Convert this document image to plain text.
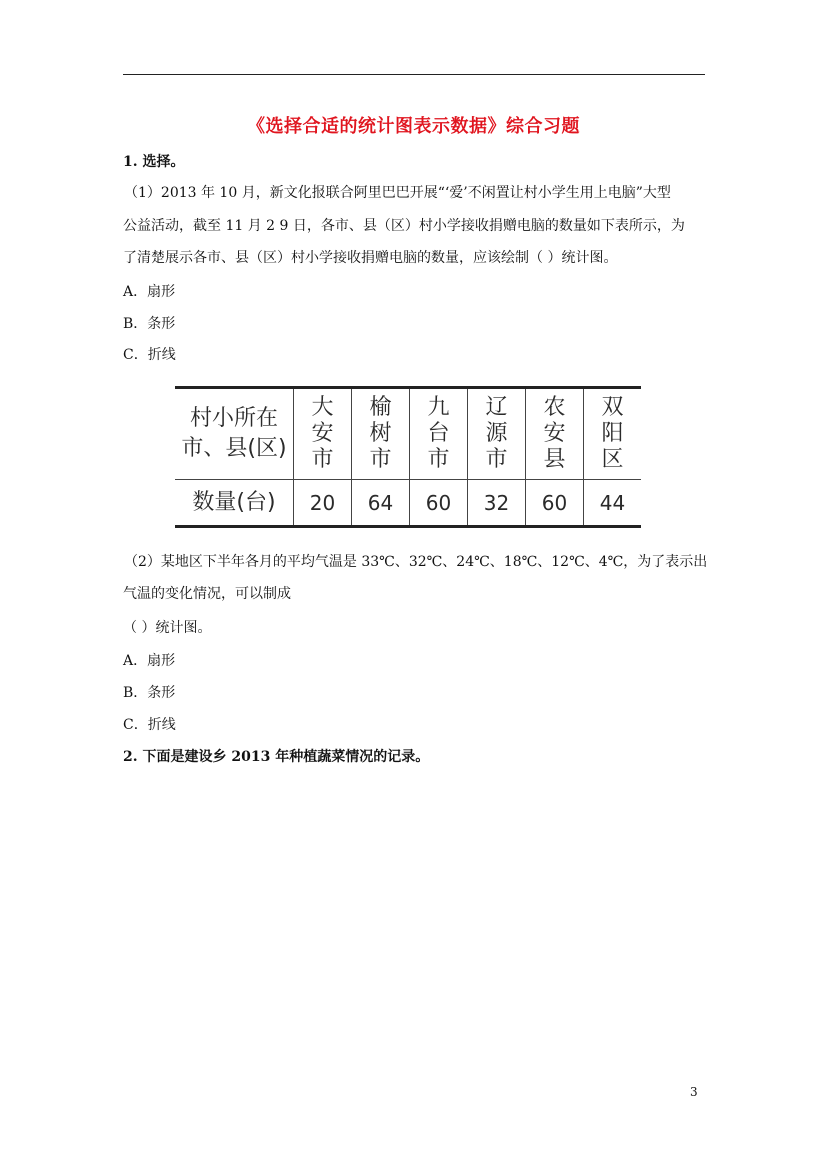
《选择合适的统计图表示数据》综合习题
1. 选择。
（1）2013 年 10 月，新文化报联合阿里巴巴开展“‘爱’不闲置让村小学生用上电脑”大型
公益活动，截至 11 月 2 9 日，各市、县（区）村小学接收捐赠电脑的数量如下表所示，为
了清楚展示各市、县（区）村小学接收捐赠电脑的数量，应该绘制（ ）统计图。
A．扇形
B．条形
C．折线
村小所在
市、县(区)	大安市	榆树市	九台市	辽源市	农安县	双阳区
数量(台)	20	64	60	32	60	44
（2）某地区下半年各月的平均气温是 33℃、32℃、24℃、18℃、12℃、4℃，为了表示出
气温的变化情况，可以制成
（ ）统计图。
A．扇形
B．条形
C．折线
2. 下面是建设乡 2013 年种植蔬菜情况的记录。
3
